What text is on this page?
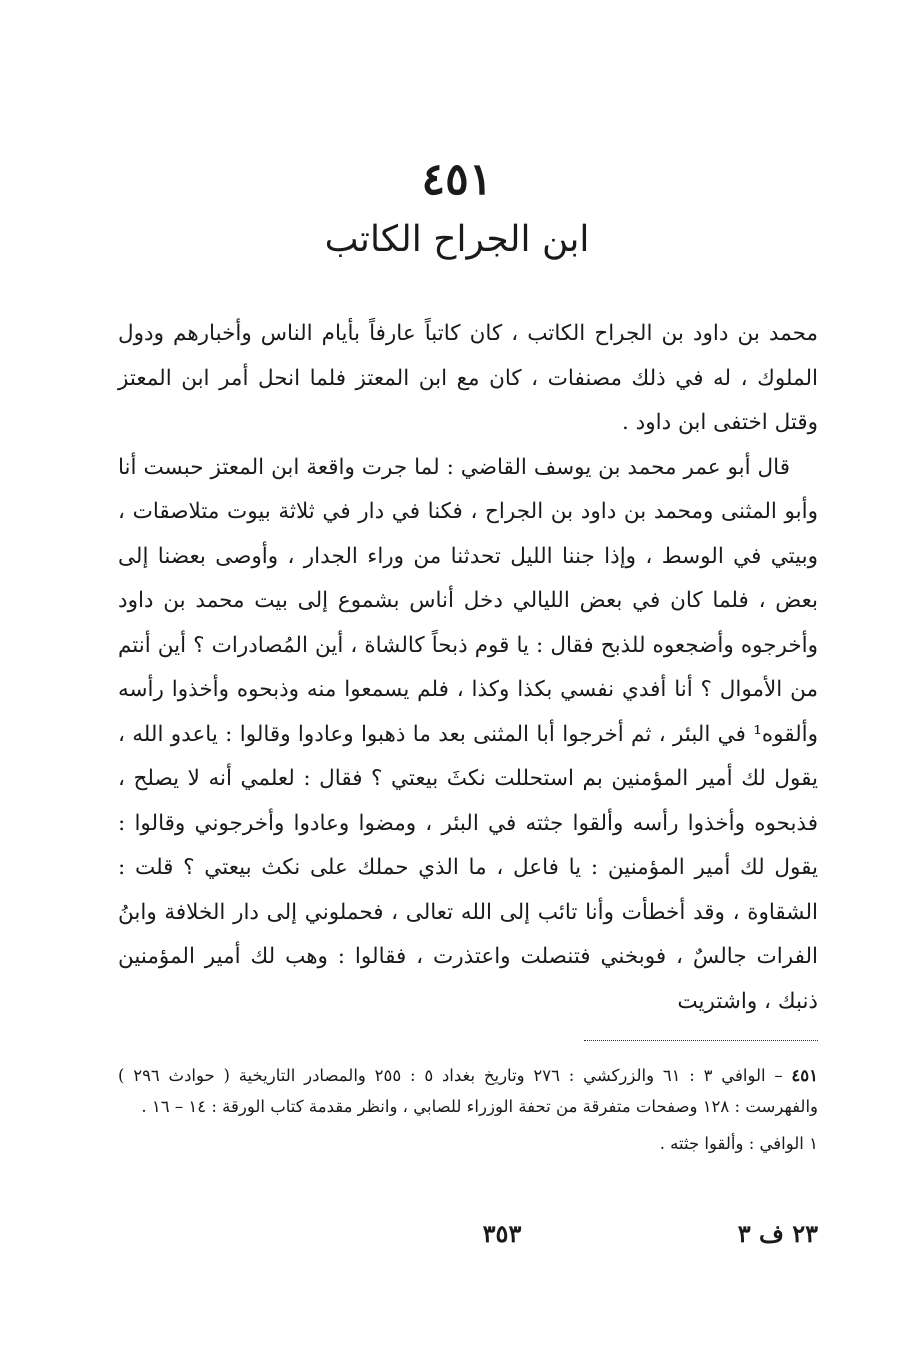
٤٥١
ابن الجراح الكاتب

محمد بن داود بن الجراح الكاتب ، كان كاتباً عارفاً بأيام الناس وأخبارهم ودول الملوك ، له في ذلك مصنفات ، كان مع ابن المعتز فلما انحل أمر ابن المعتز وقتل اختفى ابن داود .

قال أبو عمر محمد بن يوسف القاضي : لما جرت واقعة ابن المعتز حبست أنا وأبو المثنى ومحمد بن داود بن الجراح ، فكنا في دار في ثلاثة بيوت متلاصقات ، وبيتي في الوسط ، وإذا جننا الليل تحدثنا من وراء الجدار ، وأوصى بعضنا إلى بعض ، فلما كان في بعض الليالي دخل أناس بشموع إلى بيت محمد بن داود وأخرجوه وأضجعوه للذبح فقال : يا قوم ذبحاً كالشاة ، أين المُصادرات ؟ أين أنتم من الأموال ؟ أنا أفدي نفسي بكذا وكذا ، فلم يسمعوا منه وذبحوه وأخذوا رأسه وألقوه¹ في البئر ، ثم أخرجوا أبا المثنى بعد ما ذهبوا وعادوا وقالوا : ياعدو الله ، يقول لك أمير المؤمنين بم استحللت نكثَ بيعتي ؟ فقال : لعلمي أنه لا يصلح ، فذبحوه وأخذوا رأسه وألقوا جثته في البئر ، ومضوا وعادوا وأخرجوني وقالوا : يقول لك أمير المؤمنين : يا فاعل ، ما الذي حملك على نكث بيعتي ؟ قلت : الشقاوة ، وقد أخطأت وأنا تائب إلى الله تعالى ، فحملوني إلى دار الخلافة وابنُ الفرات جالسٌ ، فوبخني فتنصلت واعتذرت ، فقالوا : وهب لك أمير المؤمنين ذنبك ، واشتريت

٤٥١ – الوافي ٣ : ٦١ والزركشي : ٢٧٦ وتاريخ بغداد ٥ : ٢٥٥ والمصادر التاريخية ( حوادث ٢٩٦ ) والفهرست : ١٢٨ وصفحات متفرقة من تحفة الوزراء للصابي ، وانظر مقدمة كتاب الورقة : ١٤ – ١٦ .

١ الوافي : وألقوا جثته .

٢٣ ف ٣
٣٥٣
